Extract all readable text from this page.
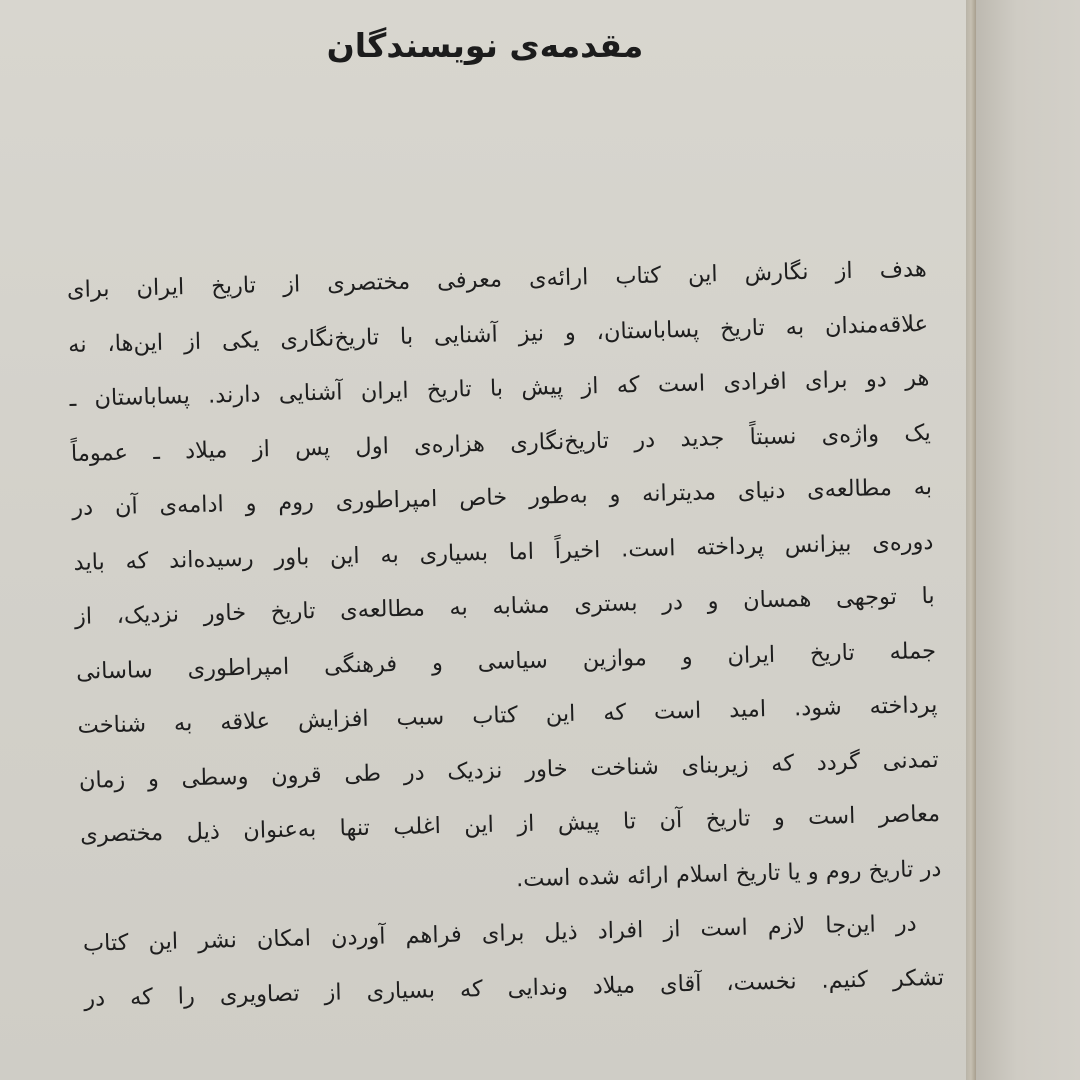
مقدمه‌ی نویسندگان
هدف از نگارش این کتاب ارائه‌ی معرفی مختصری از تاریخ ایران برای
علاقه‌مندان به تاریخ پساباستان، و نیز آشنایی با تاریخ‌نگاری یکی از این‌ها، نه
هر دو برای افرادی است که از پیش با تاریخ ایران آشنایی دارند. پساباستان ـ
یک واژه‌ی نسبتاً جدید در تاریخ‌نگاری هزاره‌ی اول پس از میلاد ـ عموماً
به مطالعه‌ی دنیای مدیترانه و به‌طور خاص امپراطوری روم و ادامه‌ی آن در
دوره‌ی بیزانس پرداخته است. اخیراً اما بسیاری به این باور رسیده‌اند که باید
با توجهی همسان و در بستری مشابه به مطالعه‌ی تاریخ خاور نزدیک، از
جمله تاریخ ایران و موازین سیاسی و فرهنگی امپراطوری ساسانی
پرداخته شود. امید است که این کتاب سبب افزایش علاقه به شناخت
تمدنی گردد که زیربنای شناخت خاور نزدیک در طی قرون وسطی و زمان
معاصر است و تاریخ آن تا پیش از این اغلب تنها به‌عنوان ذیل مختصری
در تاریخ روم و یا تاریخ اسلام ارائه شده است.
در این‌جا لازم است از افراد ذیل برای فراهم آوردن امکان نشر این کتاب
تشکر کنیم. نخست، آقای میلاد وندایی که بسیاری از تصاویری را که در
